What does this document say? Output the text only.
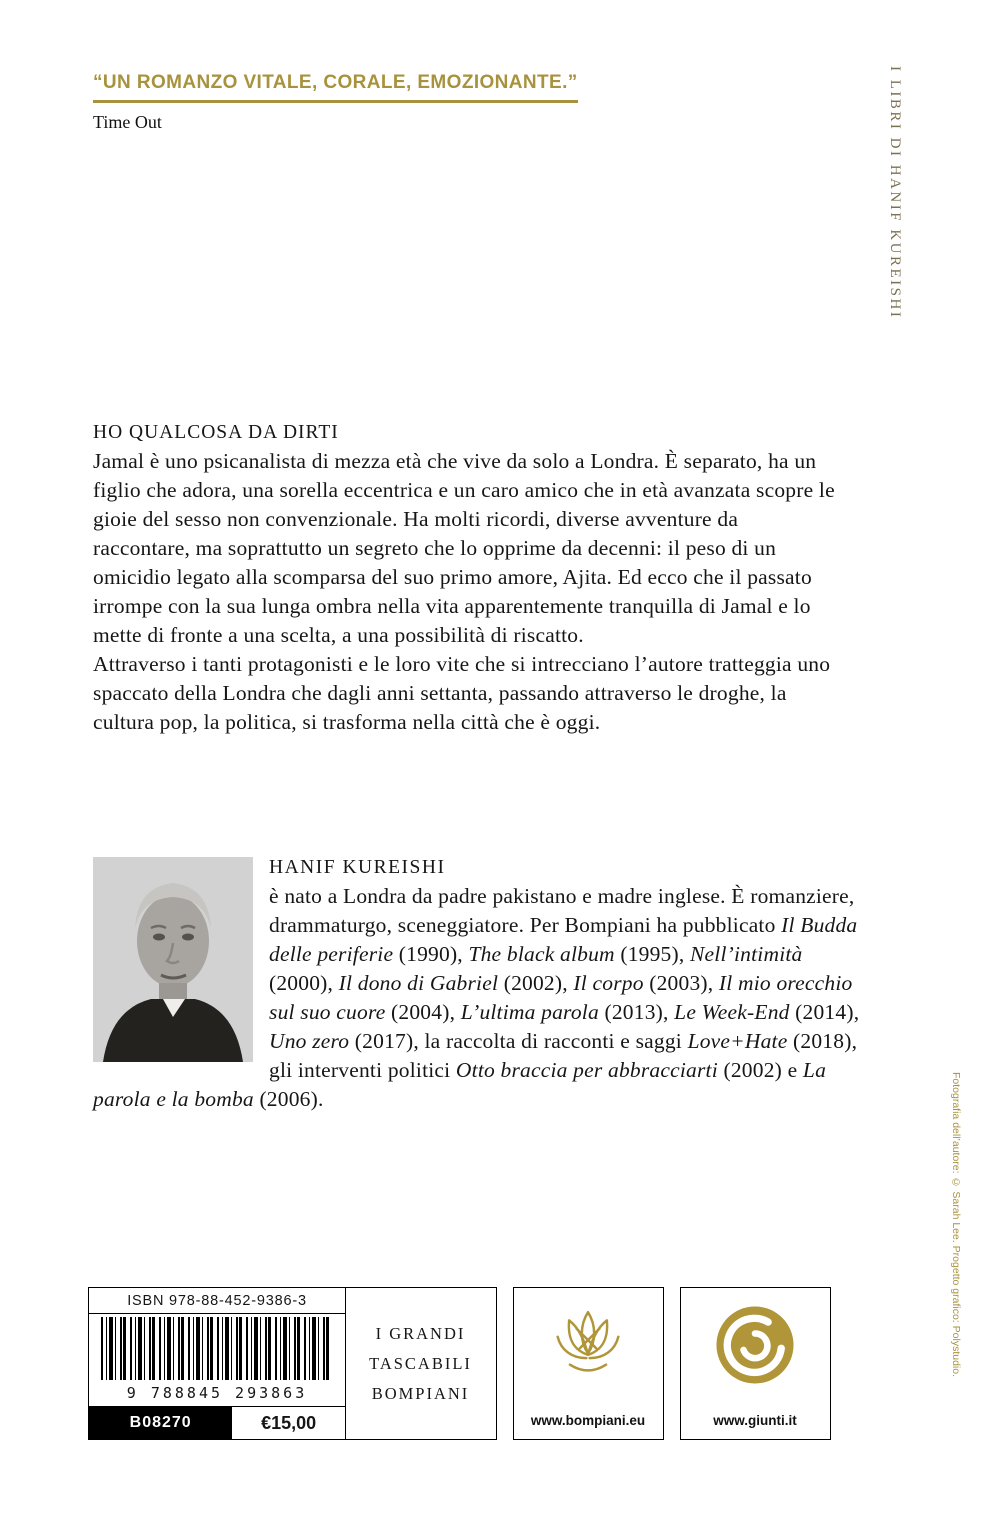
“UN ROMANZO VITALE, CORALE, EMOZIONANTE.”
Time Out	I LIBRI DI HANIF KUREISHI
HO QUALCOSA DA DIRTI

Jamal è uno psicanalista di mezza età che vive da solo a Londra. È separato, ha un figlio che adora, una sorella eccentrica e un caro amico che in età avanzata scopre le gioie del sesso non convenzionale. Ha molti ricordi, diverse avventure da raccontare, ma soprattutto un segreto che lo opprime da decenni: il peso di un omicidio legato alla scomparsa del suo primo amore, Ajita. Ed ecco che il passato irrompe con la sua lunga ombra nella vita apparentemente tranquilla di Jamal e lo mette di fronte a una scelta, a una possibilità di riscatto.

Attraverso i tanti protagonisti e le loro vite che si intrecciano l’autore tratteggia uno spaccato della Londra che dagli anni settanta, passando attraverso le droghe, la cultura pop, la politica, si trasforma nella città che è oggi.

HANIF KUREISHI

è nato a Londra da padre pakistano e madre inglese. È romanziere, drammaturgo, sceneggiatore. Per Bompiani ha pubblicato Il Budda delle periferie (1990), The black album (1995), Nell’intimità (2000), Il dono di Gabriel (2002), Il corpo (2003), Il mio orecchio sul suo cuore (2004), L’ultima parola (2013), Le Week-End (2014), Uno zero (2017), la raccolta di racconti e saggi Love+Hate (2018), gli interventi politici Otto braccia per abbracciarti (2002) e La parola e la bomba (2006).

ISBN 978-88-452-9386-3
9 788845 293863
B08270	€15,00
I GRANDI
TASCABILI
BOMPIANI
www.bompiani.eu	www.giunti.it
Fotografia dell’autore: © Sarah Lee. Progetto grafico: Polystudio.
